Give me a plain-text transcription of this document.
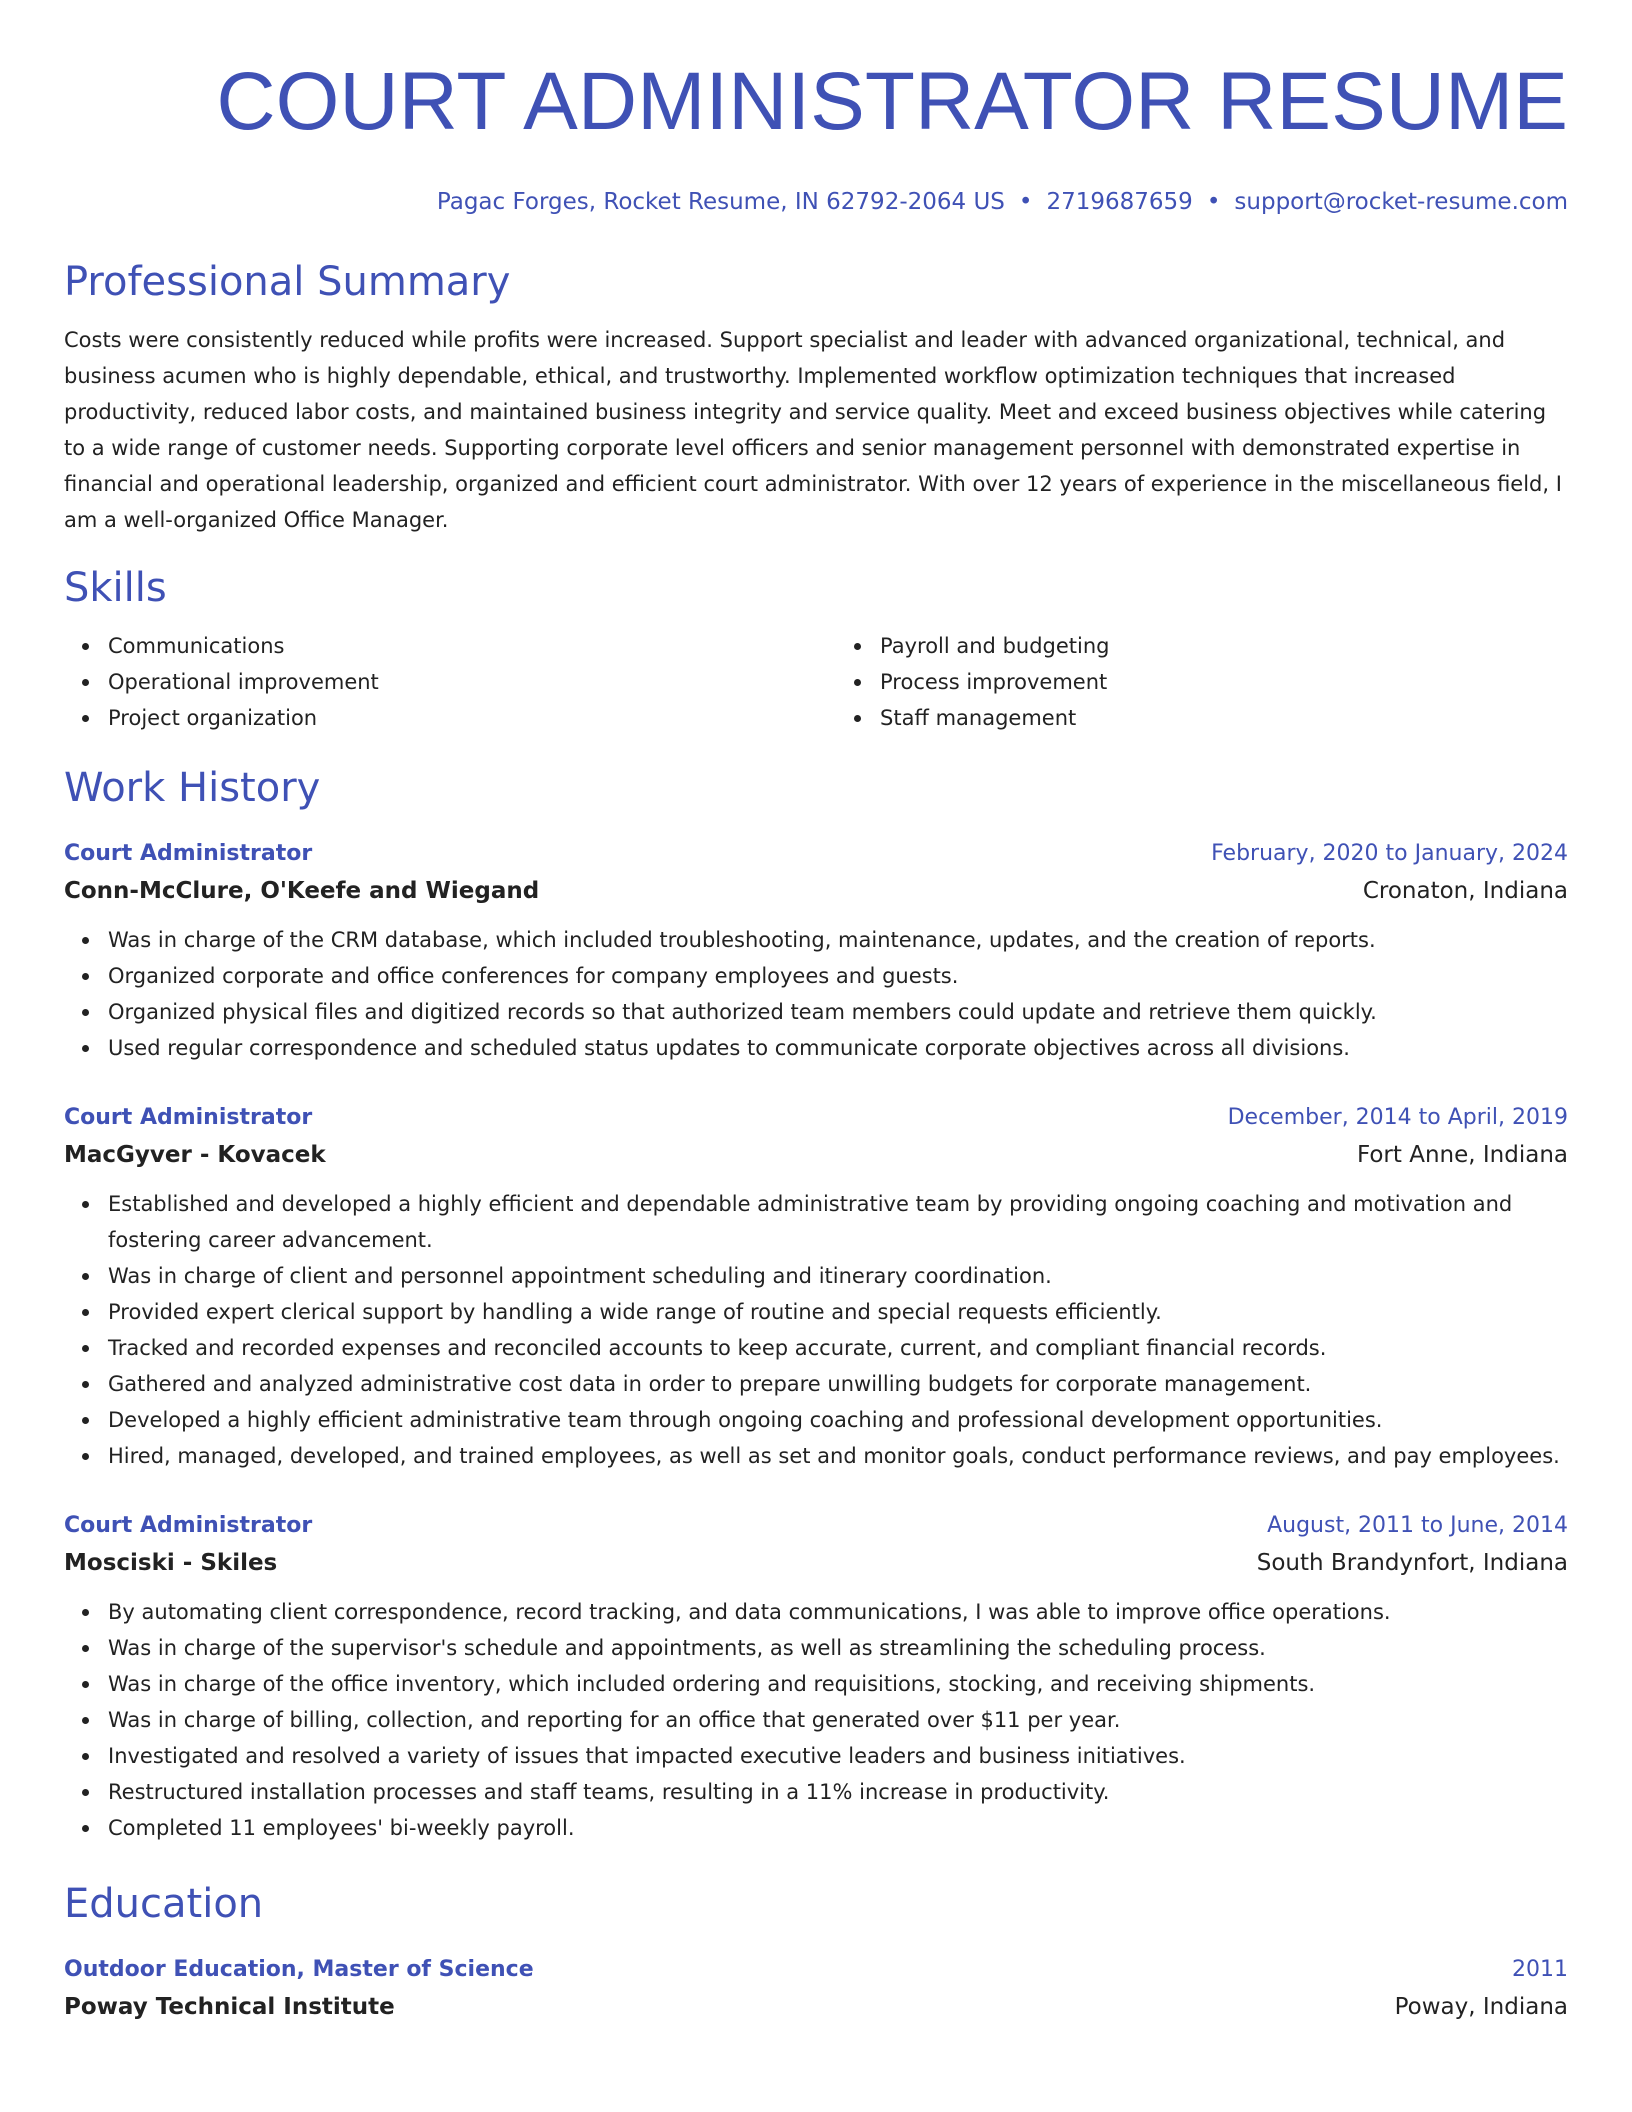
COURT ADMINISTRATOR RESUME
Pagac Forges, Rocket Resume, IN 62792-2064 US • 2719687659 • support@rocket-resume.com
Professional Summary
Costs were consistently reduced while profits were increased. Support specialist and leader with advanced organizational, technical, and business acumen who is highly dependable, ethical, and trustworthy. Implemented workflow optimization techniques that increased productivity, reduced labor costs, and maintained business integrity and service quality. Meet and exceed business objectives while catering to a wide range of customer needs. Supporting corporate level officers and senior management personnel with demonstrated expertise in financial and operational leadership, organized and efficient court administrator. With over 12 years of experience in the miscellaneous field, I am a well-organized Office Manager.
Skills
Communications
Operational improvement
Project organization
Payroll and budgeting
Process improvement
Staff management
Work History
Court Administrator	February, 2020 to January, 2024
Conn-McClure, O'Keefe and Wiegand	Cronaton, Indiana
Was in charge of the CRM database, which included troubleshooting, maintenance, updates, and the creation of reports.
Organized corporate and office conferences for company employees and guests.
Organized physical files and digitized records so that authorized team members could update and retrieve them quickly.
Used regular correspondence and scheduled status updates to communicate corporate objectives across all divisions.
Court Administrator	December, 2014 to April, 2019
MacGyver - Kovacek	Fort Anne, Indiana
Established and developed a highly efficient and dependable administrative team by providing ongoing coaching and motivation and fostering career advancement.
Was in charge of client and personnel appointment scheduling and itinerary coordination.
Provided expert clerical support by handling a wide range of routine and special requests efficiently.
Tracked and recorded expenses and reconciled accounts to keep accurate, current, and compliant financial records.
Gathered and analyzed administrative cost data in order to prepare unwilling budgets for corporate management.
Developed a highly efficient administrative team through ongoing coaching and professional development opportunities.
Hired, managed, developed, and trained employees, as well as set and monitor goals, conduct performance reviews, and pay employees.
Court Administrator	August, 2011 to June, 2014
Mosciski - Skiles	South Brandynfort, Indiana
By automating client correspondence, record tracking, and data communications, I was able to improve office operations.
Was in charge of the supervisor's schedule and appointments, as well as streamlining the scheduling process.
Was in charge of the office inventory, which included ordering and requisitions, stocking, and receiving shipments.
Was in charge of billing, collection, and reporting for an office that generated over $11 per year.
Investigated and resolved a variety of issues that impacted executive leaders and business initiatives.
Restructured installation processes and staff teams, resulting in a 11% increase in productivity.
Completed 11 employees' bi-weekly payroll.
Education
Outdoor Education, Master of Science	2011
Poway Technical Institute	Poway, Indiana
